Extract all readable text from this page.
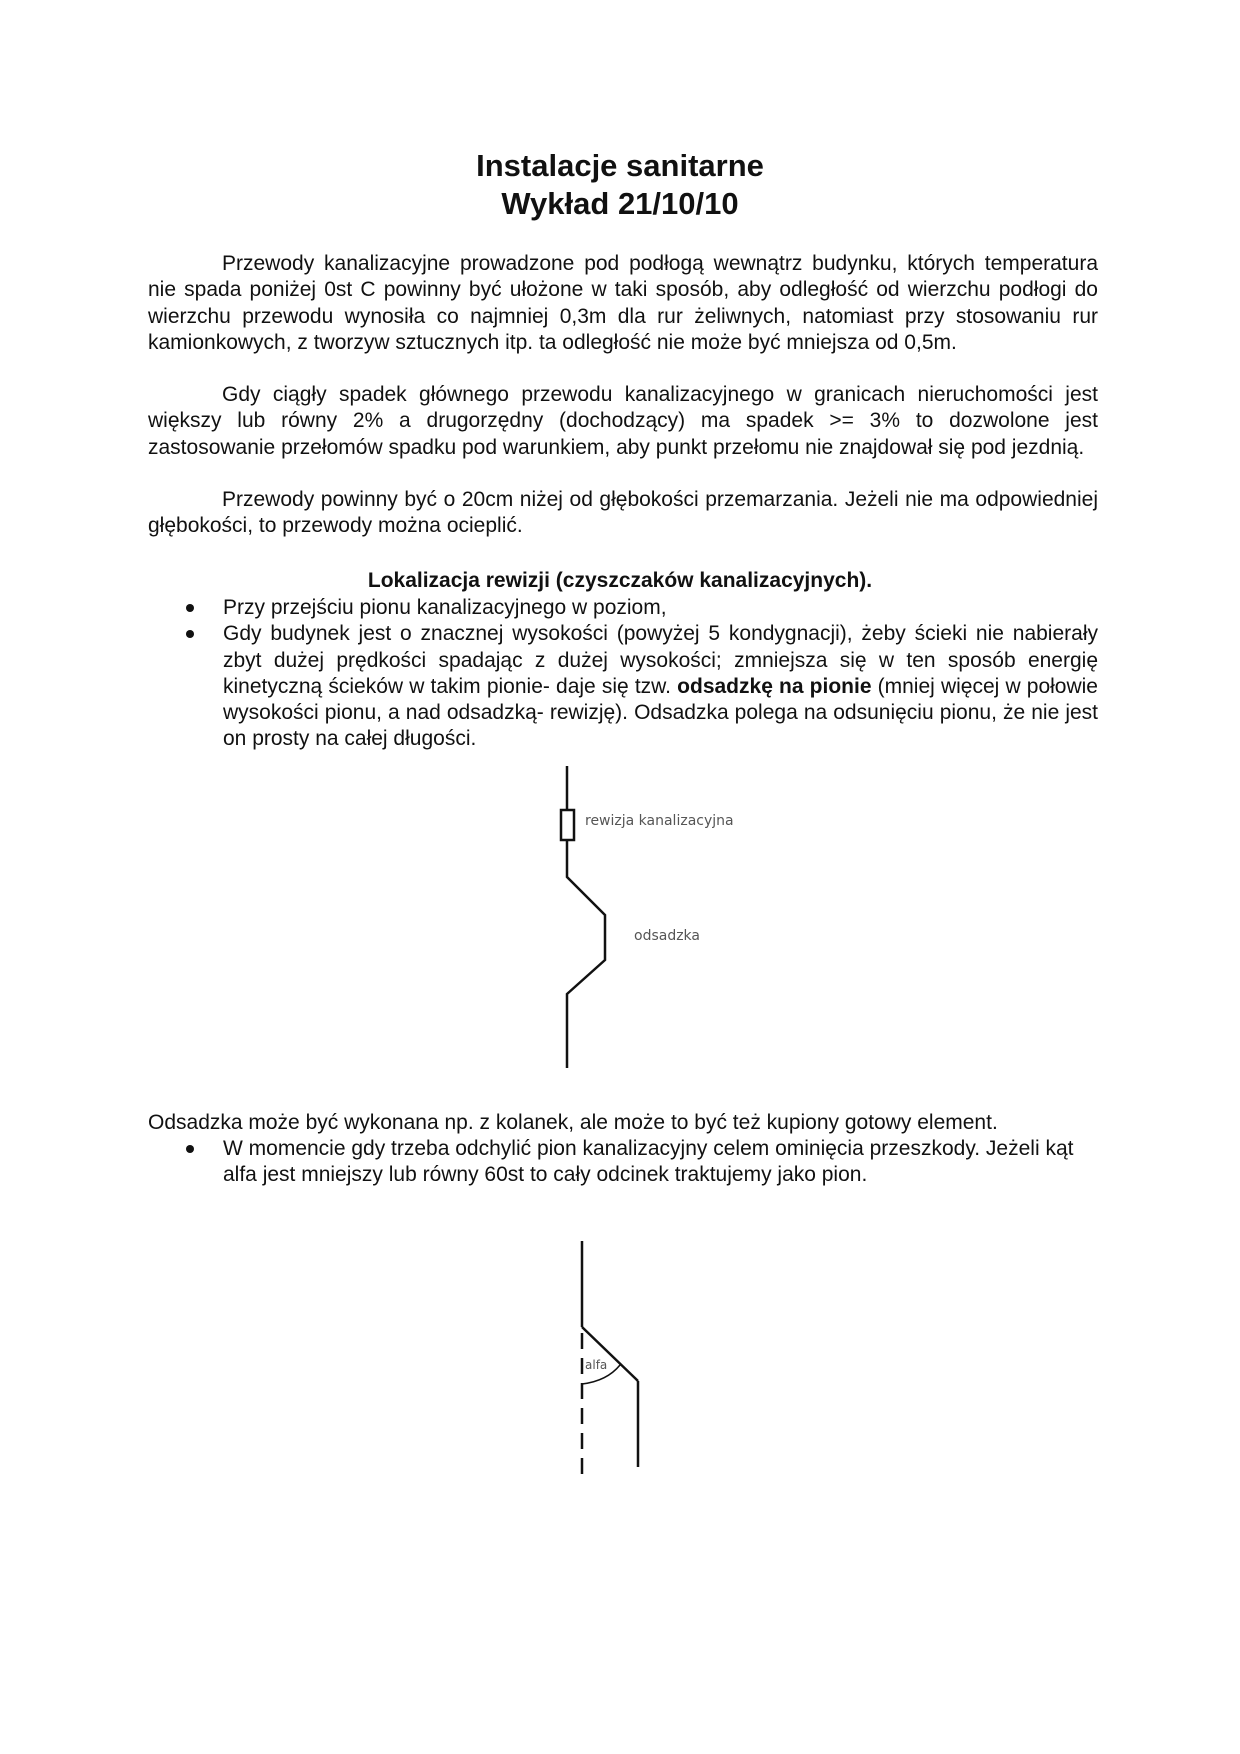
Instalacje sanitarne
Wykład 21/10/10

Przewody kanalizacyjne prowadzone pod podłogą wewnątrz budynku, których temperatura nie spada poniżej 0st C powinny być ułożone w taki sposób, aby odległość od wierzchu podłogi do wierzchu przewodu wynosiła co najmniej 0,3m dla rur żeliwnych, natomiast przy stosowaniu rur kamionkowych, z tworzyw sztucznych itp. ta odległość nie może być mniejsza od 0,5m.

Gdy ciągły spadek głównego przewodu kanalizacyjnego w granicach nieruchomości jest większy lub równy 2% a drugorzędny (dochodzący) ma spadek >= 3% to dozwolone jest zastosowanie przełomów spadku pod warunkiem, aby punkt przełomu nie znajdował się pod jezdnią.

Przewody powinny być o 20cm niżej od głębokości przemarzania. Jeżeli nie ma odpowiedniej głębokości, to przewody można ocieplić.

Lokalizacja rewizji (czyszczaków kanalizacyjnych).
Przy przejściu pionu kanalizacyjnego w poziom,
Gdy budynek jest o znacznej wysokości (powyżej 5 kondygnacji), żeby ścieki nie nabierały zbyt dużej prędkości spadając z dużej wysokości; zmniejsza się w ten sposób energię kinetyczną ścieków w takim pionie- daje się tzw. odsadzkę na pionie (mniej więcej w połowie wysokości pionu, a nad odsadzką- rewizję). Odsadzka polega na odsunięciu pionu, że nie jest on prosty na całej długości.
rewizja kanalizacyjna
odsadzka
Odsadzka może być wykonana np. z kolanek, ale może to być też kupiony gotowy element.
W momencie gdy trzeba odchylić pion kanalizacyjny celem ominięcia przeszkody. Jeżeli kąt alfa jest mniejszy lub równy 60st to cały odcinek traktujemy jako pion.
alfa
